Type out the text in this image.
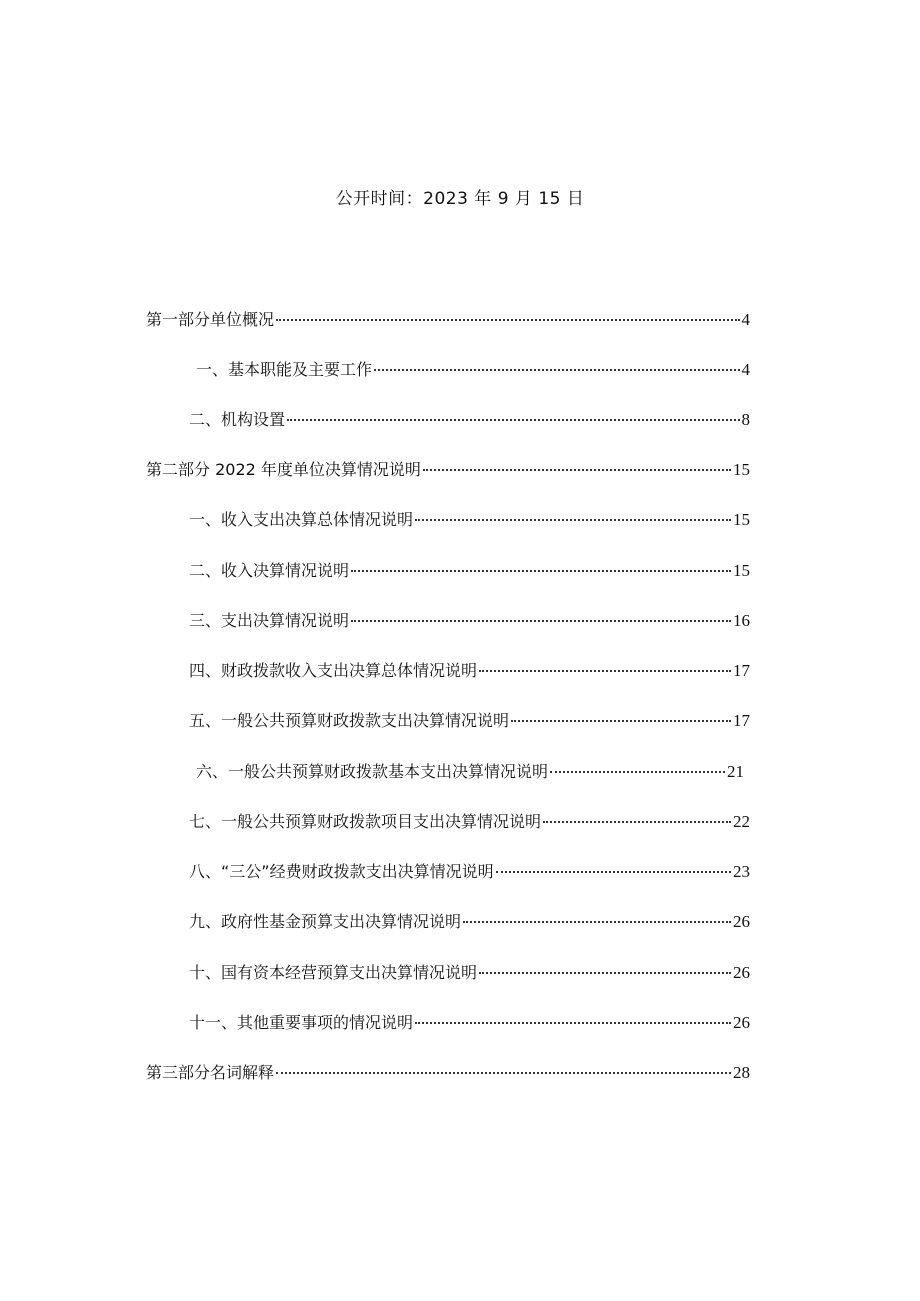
公开时间：2023 年 9 月 15 日
第一部分单位概况	4
一、基本职能及主要工作	4
二、机构设置	8
第二部分 2022 年度单位决算情况说明	15
一、收入支出决算总体情况说明	15
二、收入决算情况说明	15
三、支出决算情况说明	16
四、财政拨款收入支出决算总体情况说明	17
五、一般公共预算财政拨款支出决算情况说明	17
六、一般公共预算财政拨款基本支出决算情况说明	21
七、一般公共预算财政拨款项目支出决算情况说明	22
八、“三公”经费财政拨款支出决算情况说明	23
九、政府性基金预算支出决算情况说明	26
十、国有资本经营预算支出决算情况说明	26
十一、其他重要事项的情况说明	26
第三部分名词解释	28
